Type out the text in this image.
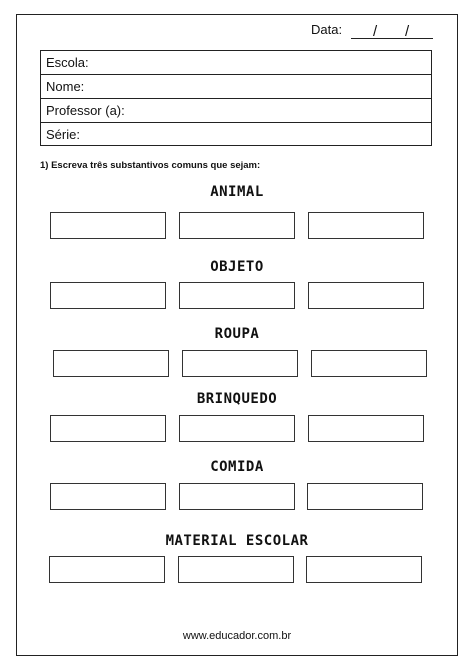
Data: / /
Escola:
Nome:
Professor (a):
Série:
1) Escreva três substantivos comuns que sejam:
ANIMAL
OBJETO
ROUPA
BRINQUEDO
COMIDA
MATERIAL ESCOLAR
www.educador.com.br
